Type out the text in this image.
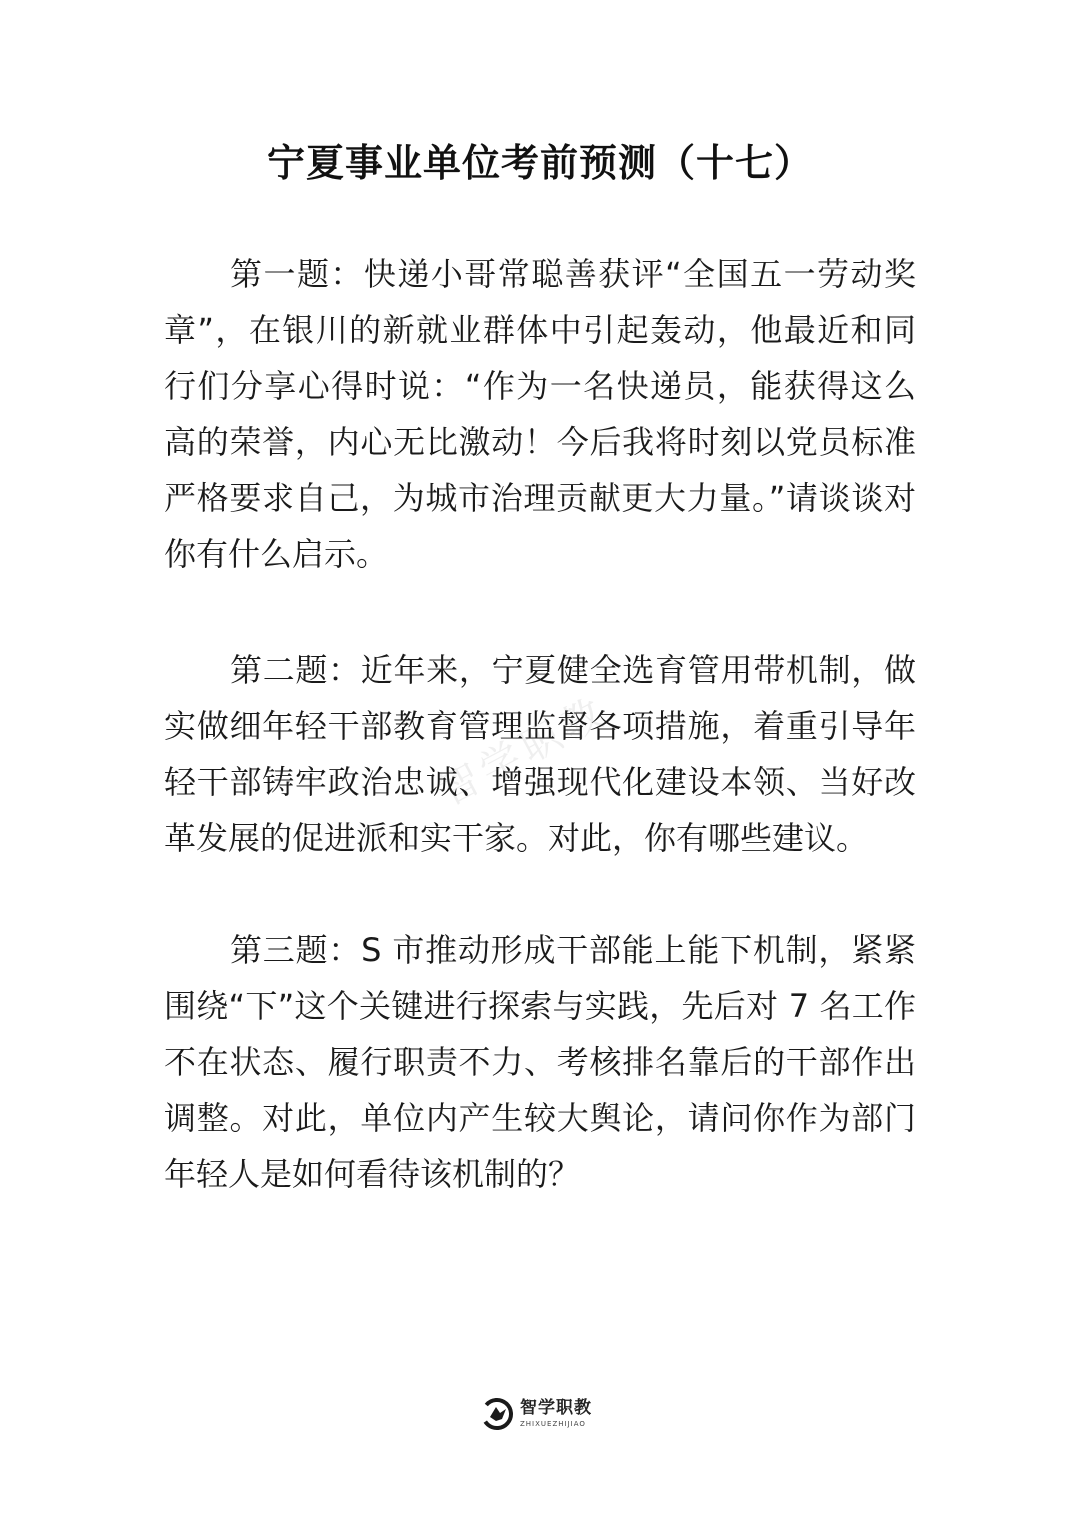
宁夏事业单位考前预测（十七）

第一题：快递小哥常聪善获评“全国五一劳动奖章”，在银川的新就业群体中引起轰动，他最近和同行们分享心得时说：“作为一名快递员，能获得这么高的荣誉，内心无比激动！今后我将时刻以党员标准严格要求自己，为城市治理贡献更大力量。”请谈谈对你有什么启示。

第二题：近年来，宁夏健全选育管用带机制，做实做细年轻干部教育管理监督各项措施，着重引导年轻干部铸牢政治忠诚、增强现代化建设本领、当好改革发展的促进派和实干家。对此，你有哪些建议。

智学职教

第三题：S 市推动形成干部能上能下机制，紧紧围绕“下”这个关键进行探索与实践，先后对 7 名工作不在状态、履行职责不力、考核排名靠后的干部作出调整。对此，单位内产生较大舆论，请问你作为部门年轻人是如何看待该机制的？

智学职教
ZHIXUEZHIJIAO
